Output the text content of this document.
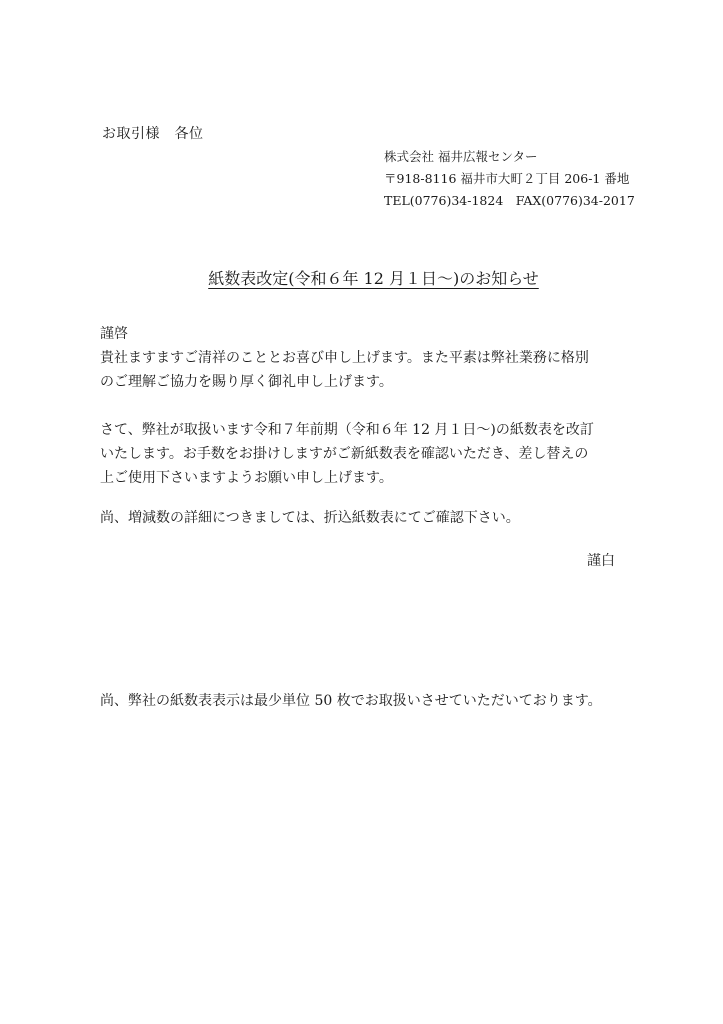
お取引様　各位
株式会社 福井広報センター
〒918-8116 福井市大町２丁目 206-1 番地
TEL(0776)34-1824　FAX(0776)34-2017
紙数表改定(令和６年 12 月１日〜)のお知らせ

謹啓

貴社ますますご清祥のこととお喜び申し上げます。また平素は弊社業務に格別

のご理解ご協力を賜り厚く御礼申し上げます。

さて、弊社が取扱います令和７年前期（令和６年 12 月１日〜)の紙数表を改訂

いたします。お手数をお掛けしますがご新紙数表を確認いただき、差し替えの

上ご使用下さいますようお願い申し上げます。

尚、増減数の詳細につきましては、折込紙数表にてご確認下さい。

謹白
尚、弊社の紙数表表示は最少単位 50 枚でお取扱いさせていただいております。
